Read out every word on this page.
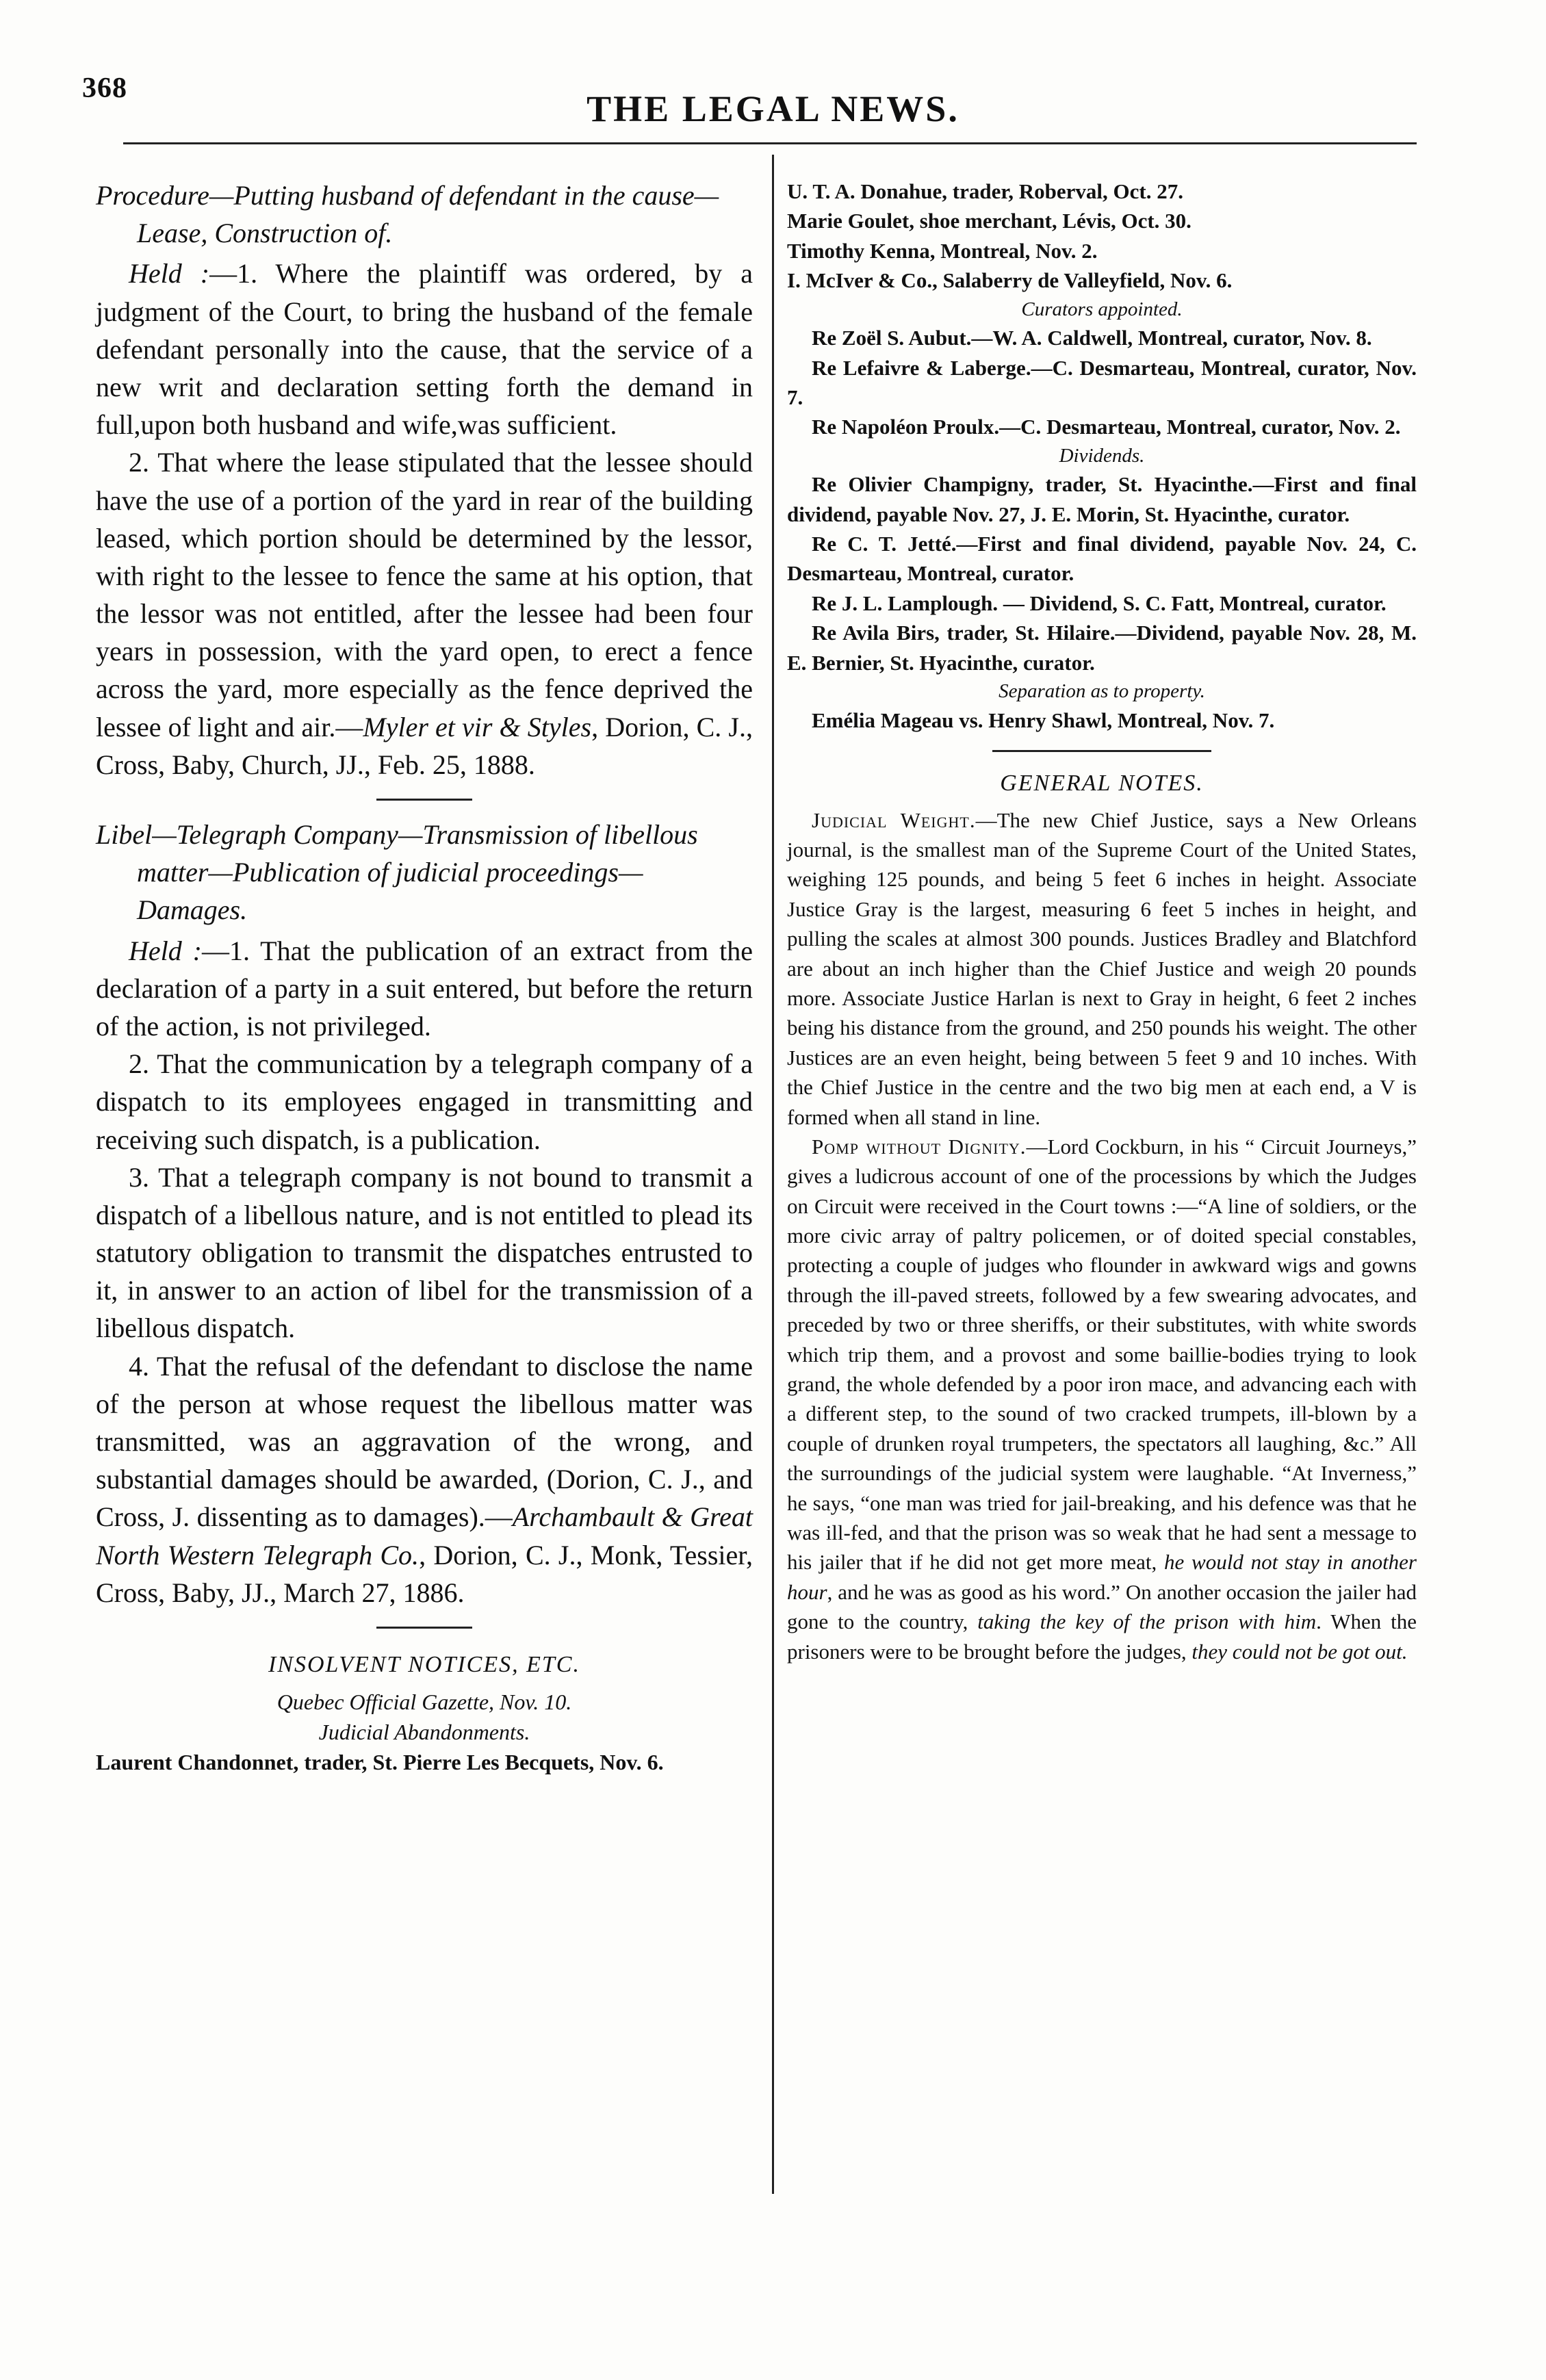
368	THE LEGAL NEWS.

Procedure—Putting husband of defendant in the cause—Lease, Construction of.

Held :—1. Where the plaintiff was ordered, by a judgment of the Court, to bring the husband of the female defendant personally into the cause, that the service of a new writ and declaration setting forth the demand in full,upon both husband and wife,was sufficient.

2. That where the lease stipulated that the lessee should have the use of a portion of the yard in rear of the building leased, which portion should be determined by the lessor, with right to the lessee to fence the same at his option, that the lessor was not entitled, after the lessee had been four years in possession, with the yard open, to erect a fence across the yard, more especially as the fence deprived the lessee of light and air.—Myler et vir & Styles, Dorion, C. J., Cross, Baby, Church, JJ., Feb. 25, 1888.

Libel—Telegraph Company—Transmission of libellous matter—Publication of judicial proceedings—Damages.

Held :—1. That the publication of an extract from the declaration of a party in a suit entered, but before the return of the action, is not privileged.

2. That the communication by a telegraph company of a dispatch to its employees engaged in transmitting and receiving such dispatch, is a publication.

3. That a telegraph company is not bound to transmit a dispatch of a libellous nature, and is not entitled to plead its statutory obligation to transmit the dispatches entrusted to it, in answer to an action of libel for the transmission of a libellous dispatch.

4. That the refusal of the defendant to disclose the name of the person at whose request the libellous matter was transmitted, was an aggravation of the wrong, and substantial damages should be awarded, (Dorion, C. J., and Cross, J. dissenting as to damages).—Archambault & Great North Western Telegraph Co., Dorion, C. J., Monk, Tessier, Cross, Baby, JJ., March 27, 1886.

INSOLVENT NOTICES, ETC.

Quebec Official Gazette, Nov. 10.

Judicial Abandonments.

Laurent Chandonnet, trader, St. Pierre Les Becquets, Nov. 6.

U. T. A. Donahue, trader, Roberval, Oct. 27.

Marie Goulet, shoe merchant, Lévis, Oct. 30.

Timothy Kenna, Montreal, Nov. 2.

I. McIver & Co., Salaberry de Valleyfield, Nov. 6.

Curators appointed.

Re Zoël S. Aubut.—W. A. Caldwell, Montreal, curator, Nov. 8.

Re Lefaivre & Laberge.—C. Desmarteau, Montreal, curator, Nov. 7.

Re Napoléon Proulx.—C. Desmarteau, Montreal, curator, Nov. 2.

Dividends.

Re Olivier Champigny, trader, St. Hyacinthe.—First and final dividend, payable Nov. 27, J. E. Morin, St. Hyacinthe, curator.

Re C. T. Jetté.—First and final dividend, payable Nov. 24, C. Desmarteau, Montreal, curator.

Re J. L. Lamplough. — Dividend, S. C. Fatt, Montreal, curator.

Re Avila Birs, trader, St. Hilaire.—Dividend, payable Nov. 28, M. E. Bernier, St. Hyacinthe, curator.

Separation as to property.

Emélia Mageau vs. Henry Shawl, Montreal, Nov. 7.

GENERAL NOTES.

Judicial Weight.—The new Chief Justice, says a New Orleans journal, is the smallest man of the Supreme Court of the United States, weighing 125 pounds, and being 5 feet 6 inches in height. Associate Justice Gray is the largest, measuring 6 feet 5 inches in height, and pulling the scales at almost 300 pounds. Justices Bradley and Blatchford are about an inch higher than the Chief Justice and weigh 20 pounds more. Associate Justice Harlan is next to Gray in height, 6 feet 2 inches being his distance from the ground, and 250 pounds his weight. The other Justices are an even height, being between 5 feet 9 and 10 inches. With the Chief Justice in the centre and the two big men at each end, a V is formed when all stand in line.

Pomp without Dignity.—Lord Cockburn, in his “ Circuit Journeys,” gives a ludicrous account of one of the processions by which the Judges on Circuit were received in the Court towns :—“A line of soldiers, or the more civic array of paltry policemen, or of doited special constables, protecting a couple of judges who flounder in awkward wigs and gowns through the ill-paved streets, followed by a few swearing advocates, and preceded by two or three sheriffs, or their substitutes, with white swords which trip them, and a provost and some baillie-bodies trying to look grand, the whole defended by a poor iron mace, and advancing each with a different step, to the sound of two cracked trumpets, ill-blown by a couple of drunken royal trumpeters, the spectators all laughing, &c.” All the surroundings of the judicial system were laughable. “At Inverness,” he says, “one man was tried for jail-breaking, and his defence was that he was ill-fed, and that the prison was so weak that he had sent a message to his jailer that if he did not get more meat, he would not stay in another hour, and he was as good as his word.” On another occasion the jailer had gone to the country, taking the key of the prison with him. When the prisoners were to be brought before the judges, they could not be got out.
